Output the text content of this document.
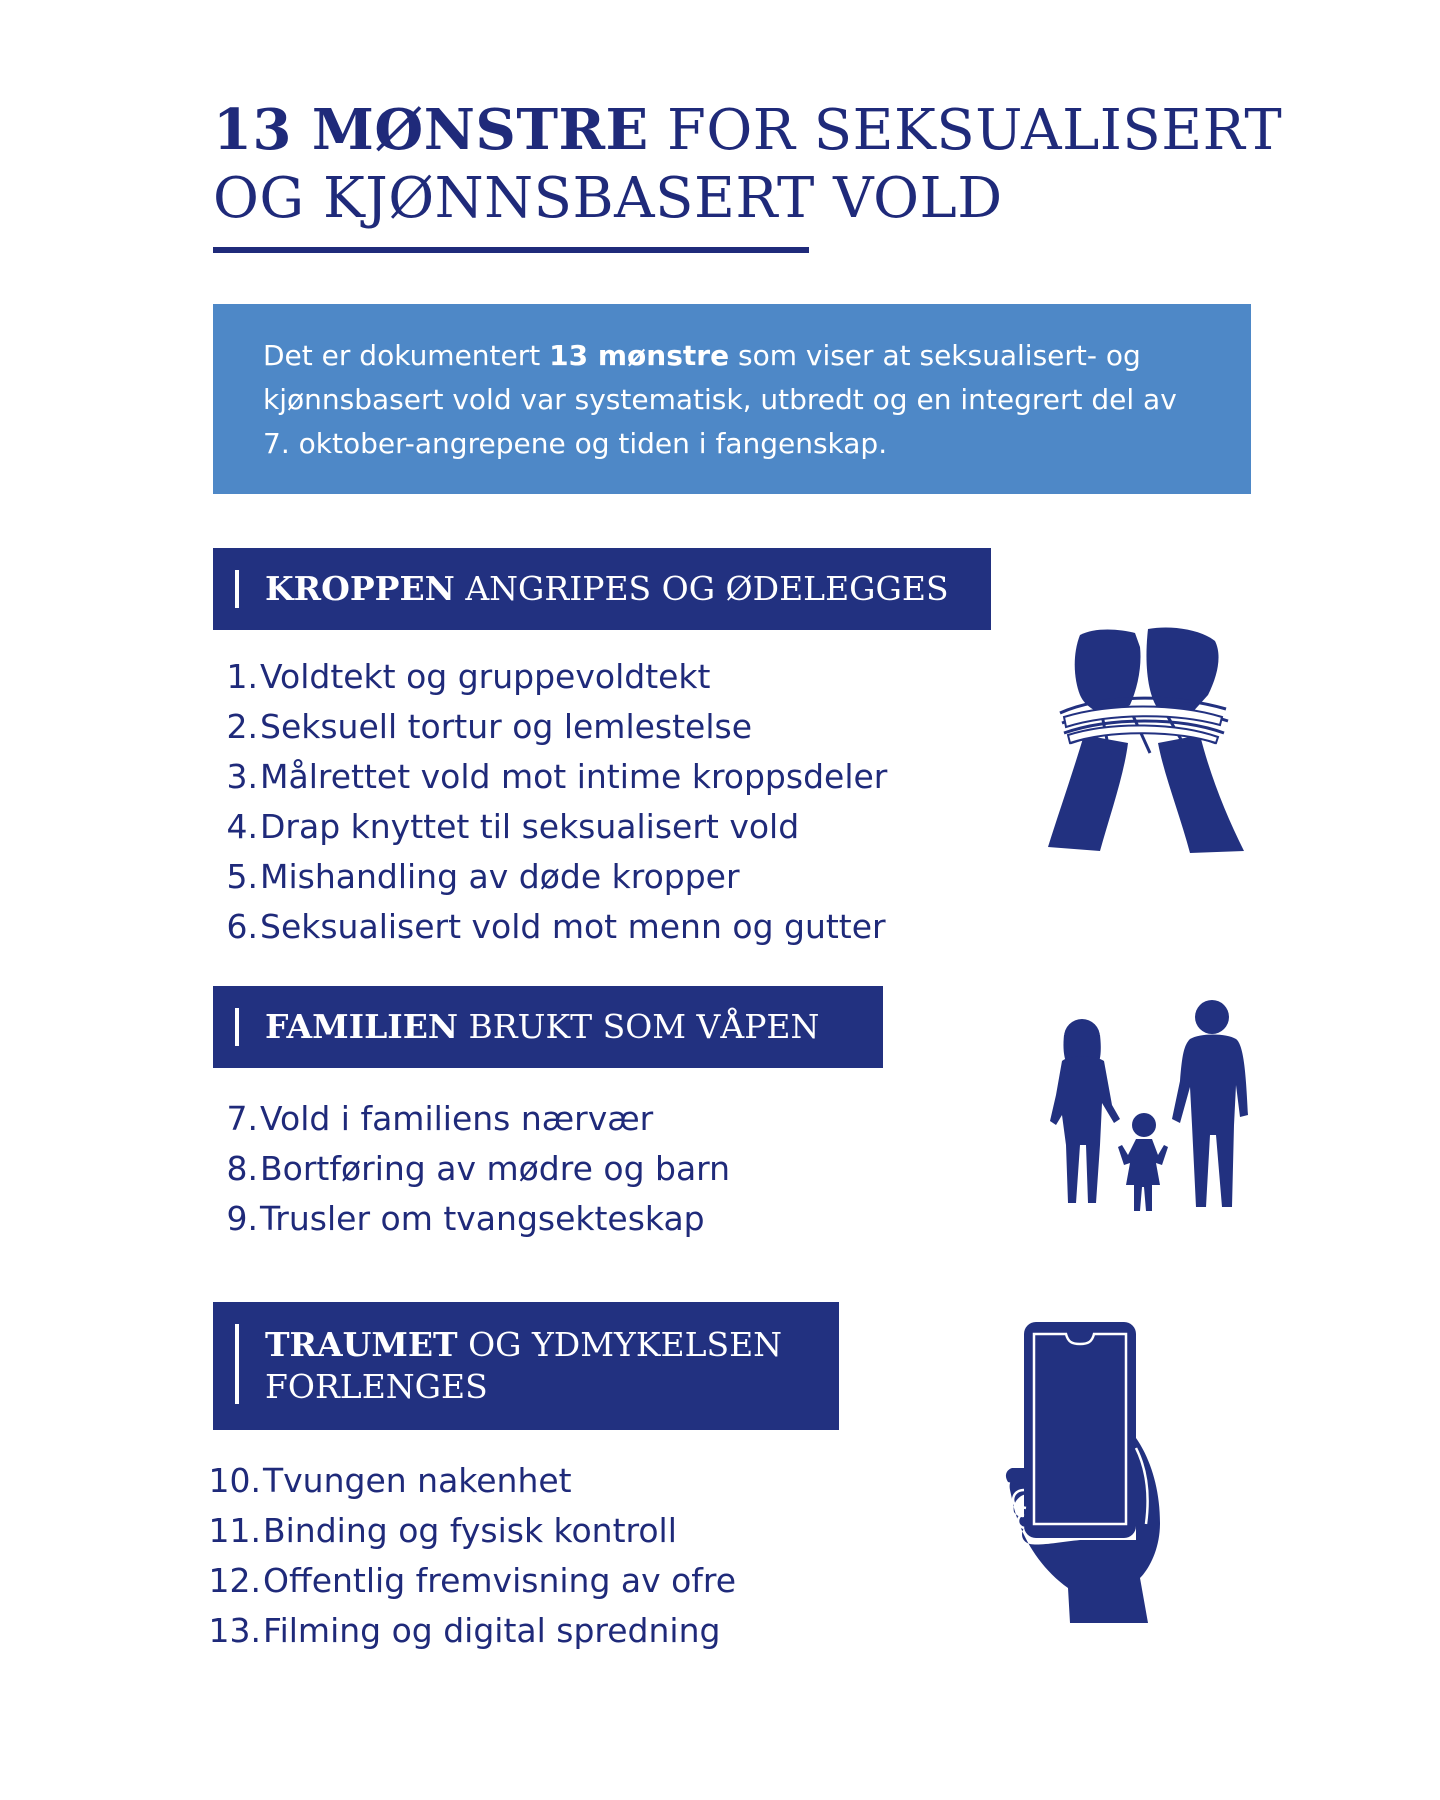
13 MØNSTRE FOR SEKSUALISERT
OG KJØNNSBASERT VOLD
Det er dokumentert 13 mønstre som viser at seksualisert- og kjønnsbasert vold var systematisk, utbredt og en integrert del av 7. oktober-angrepene og tiden i fangenskap.
KROPPEN ANGRIPES OG ØDELEGGES
1. Voldtekt og gruppevoldtekt
2. Seksuell tortur og lemlestelse
3. Målrettet vold mot intime kroppsdeler
4. Drap knyttet til seksualisert vold
5. Mishandling av døde kropper
6. Seksualisert vold mot menn og gutter
FAMILIEN BRUKT SOM VÅPEN
7. Vold i familiens nærvær
8. Bortføring av mødre og barn
9. Trusler om tvangsekteskap
TRAUMET OG YDMYKELSEN FORLENGES
10. Tvungen nakenhet
11. Binding og fysisk kontroll
12. Offentlig fremvisning av ofre
13. Filming og digital spredning
